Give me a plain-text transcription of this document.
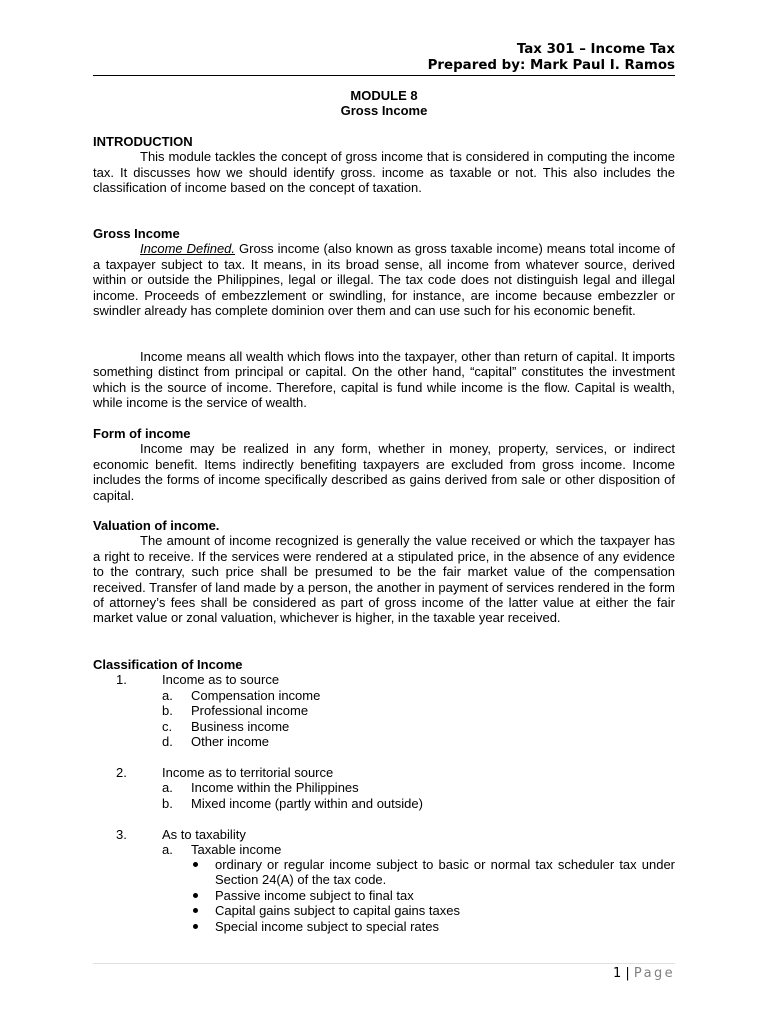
Tax 301 – Income Tax
Prepared by: Mark Paul I. Ramos
MODULE 8
Gross Income
INTRODUCTION

This module tackles the concept of gross income that is considered in computing the income tax. It discusses how we should identify gross. income as taxable or not. This also includes the classification of income based on the concept of taxation.

Gross Income

Income Defined. Gross income (also known as gross taxable income) means total income of a taxpayer subject to tax. It means, in its broad sense, all income from whatever source, derived within or outside the Philippines, legal or illegal. The tax code does not distinguish legal and illegal income. Proceeds of embezzlement or swindling, for instance, are income because embezzler or swindler already has complete dominion over them and can use such for his economic benefit.

Income means all wealth which flows into the taxpayer, other than return of capital. It imports something distinct from principal or capital. On the other hand, “capital” constitutes the investment which is the source of income. Therefore, capital is fund while income is the flow. Capital is wealth, while income is the service of wealth.

Form of income

Income may be realized in any form, whether in money, property, services, or indirect economic benefit. Items indirectly benefiting taxpayers are excluded from gross income. Income includes the forms of income specifically described as gains derived from sale or other disposition of capital.

Valuation of income.

The amount of income recognized is generally the value received or which the taxpayer has a right to receive. If the services were rendered at a stipulated price, in the absence of any evidence to the contrary, such price shall be presumed to be the fair market value of the compensation received. Transfer of land made by a person, the another in payment of services rendered in the form of attorney’s fees shall be considered as part of gross income of the latter value at either the fair market value or zonal valuation, whichever is higher, in the taxable year received.

Classification of Income
1.	Income as to source
a. Compensation income
b. Professional income
c. Business income
d. Other income
2.	Income as to territorial source
a. Income within the Philippines
b. Mixed income (partly within and outside)
3.	As to taxability
a. Taxable income
ordinary or regular income subject to basic or normal tax scheduler tax under Section 24(A) of the tax code.
Passive income subject to final tax
Capital gains subject to capital gains taxes
Special income subject to special rates
1 | Page
